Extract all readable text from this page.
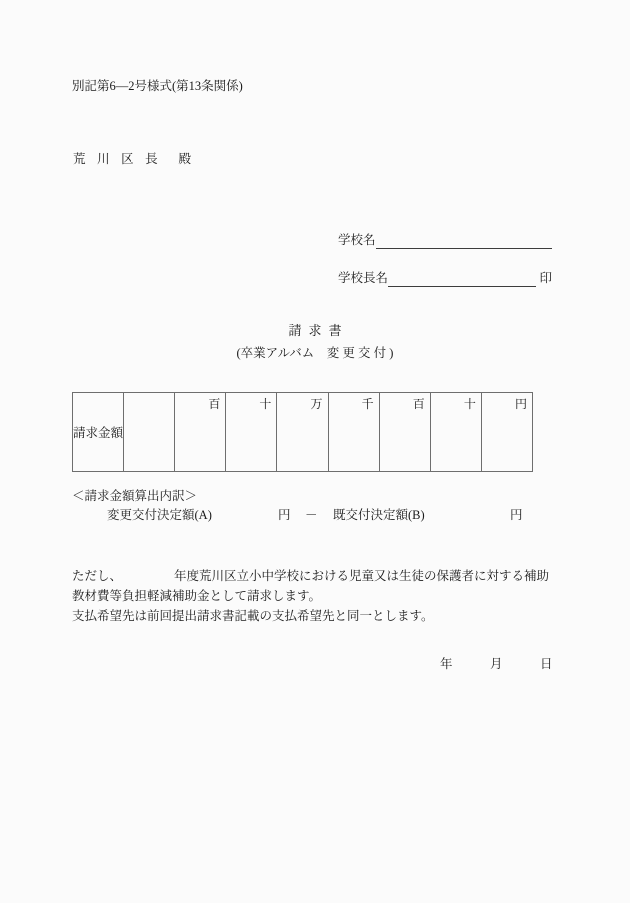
別記第6―2号様式(第13条関係)
荒 川 区 長　殿
学校名
学校長名	印
請求書
(卒業アルバム　変 更 交 付 )
請求金額		百	十	万	千	百	十	円

＜請求金額算出内訳＞
変更交付決定額(A)	円 － 既交付決定額(B)	円
ただし、	年度荒川区立小中学校における児童又は生徒の保護者に対する補助教材費等負担軽減補助金として請求します。
支払希望先は前回提出請求書記載の支払希望先と同一とします。
年	月	日
